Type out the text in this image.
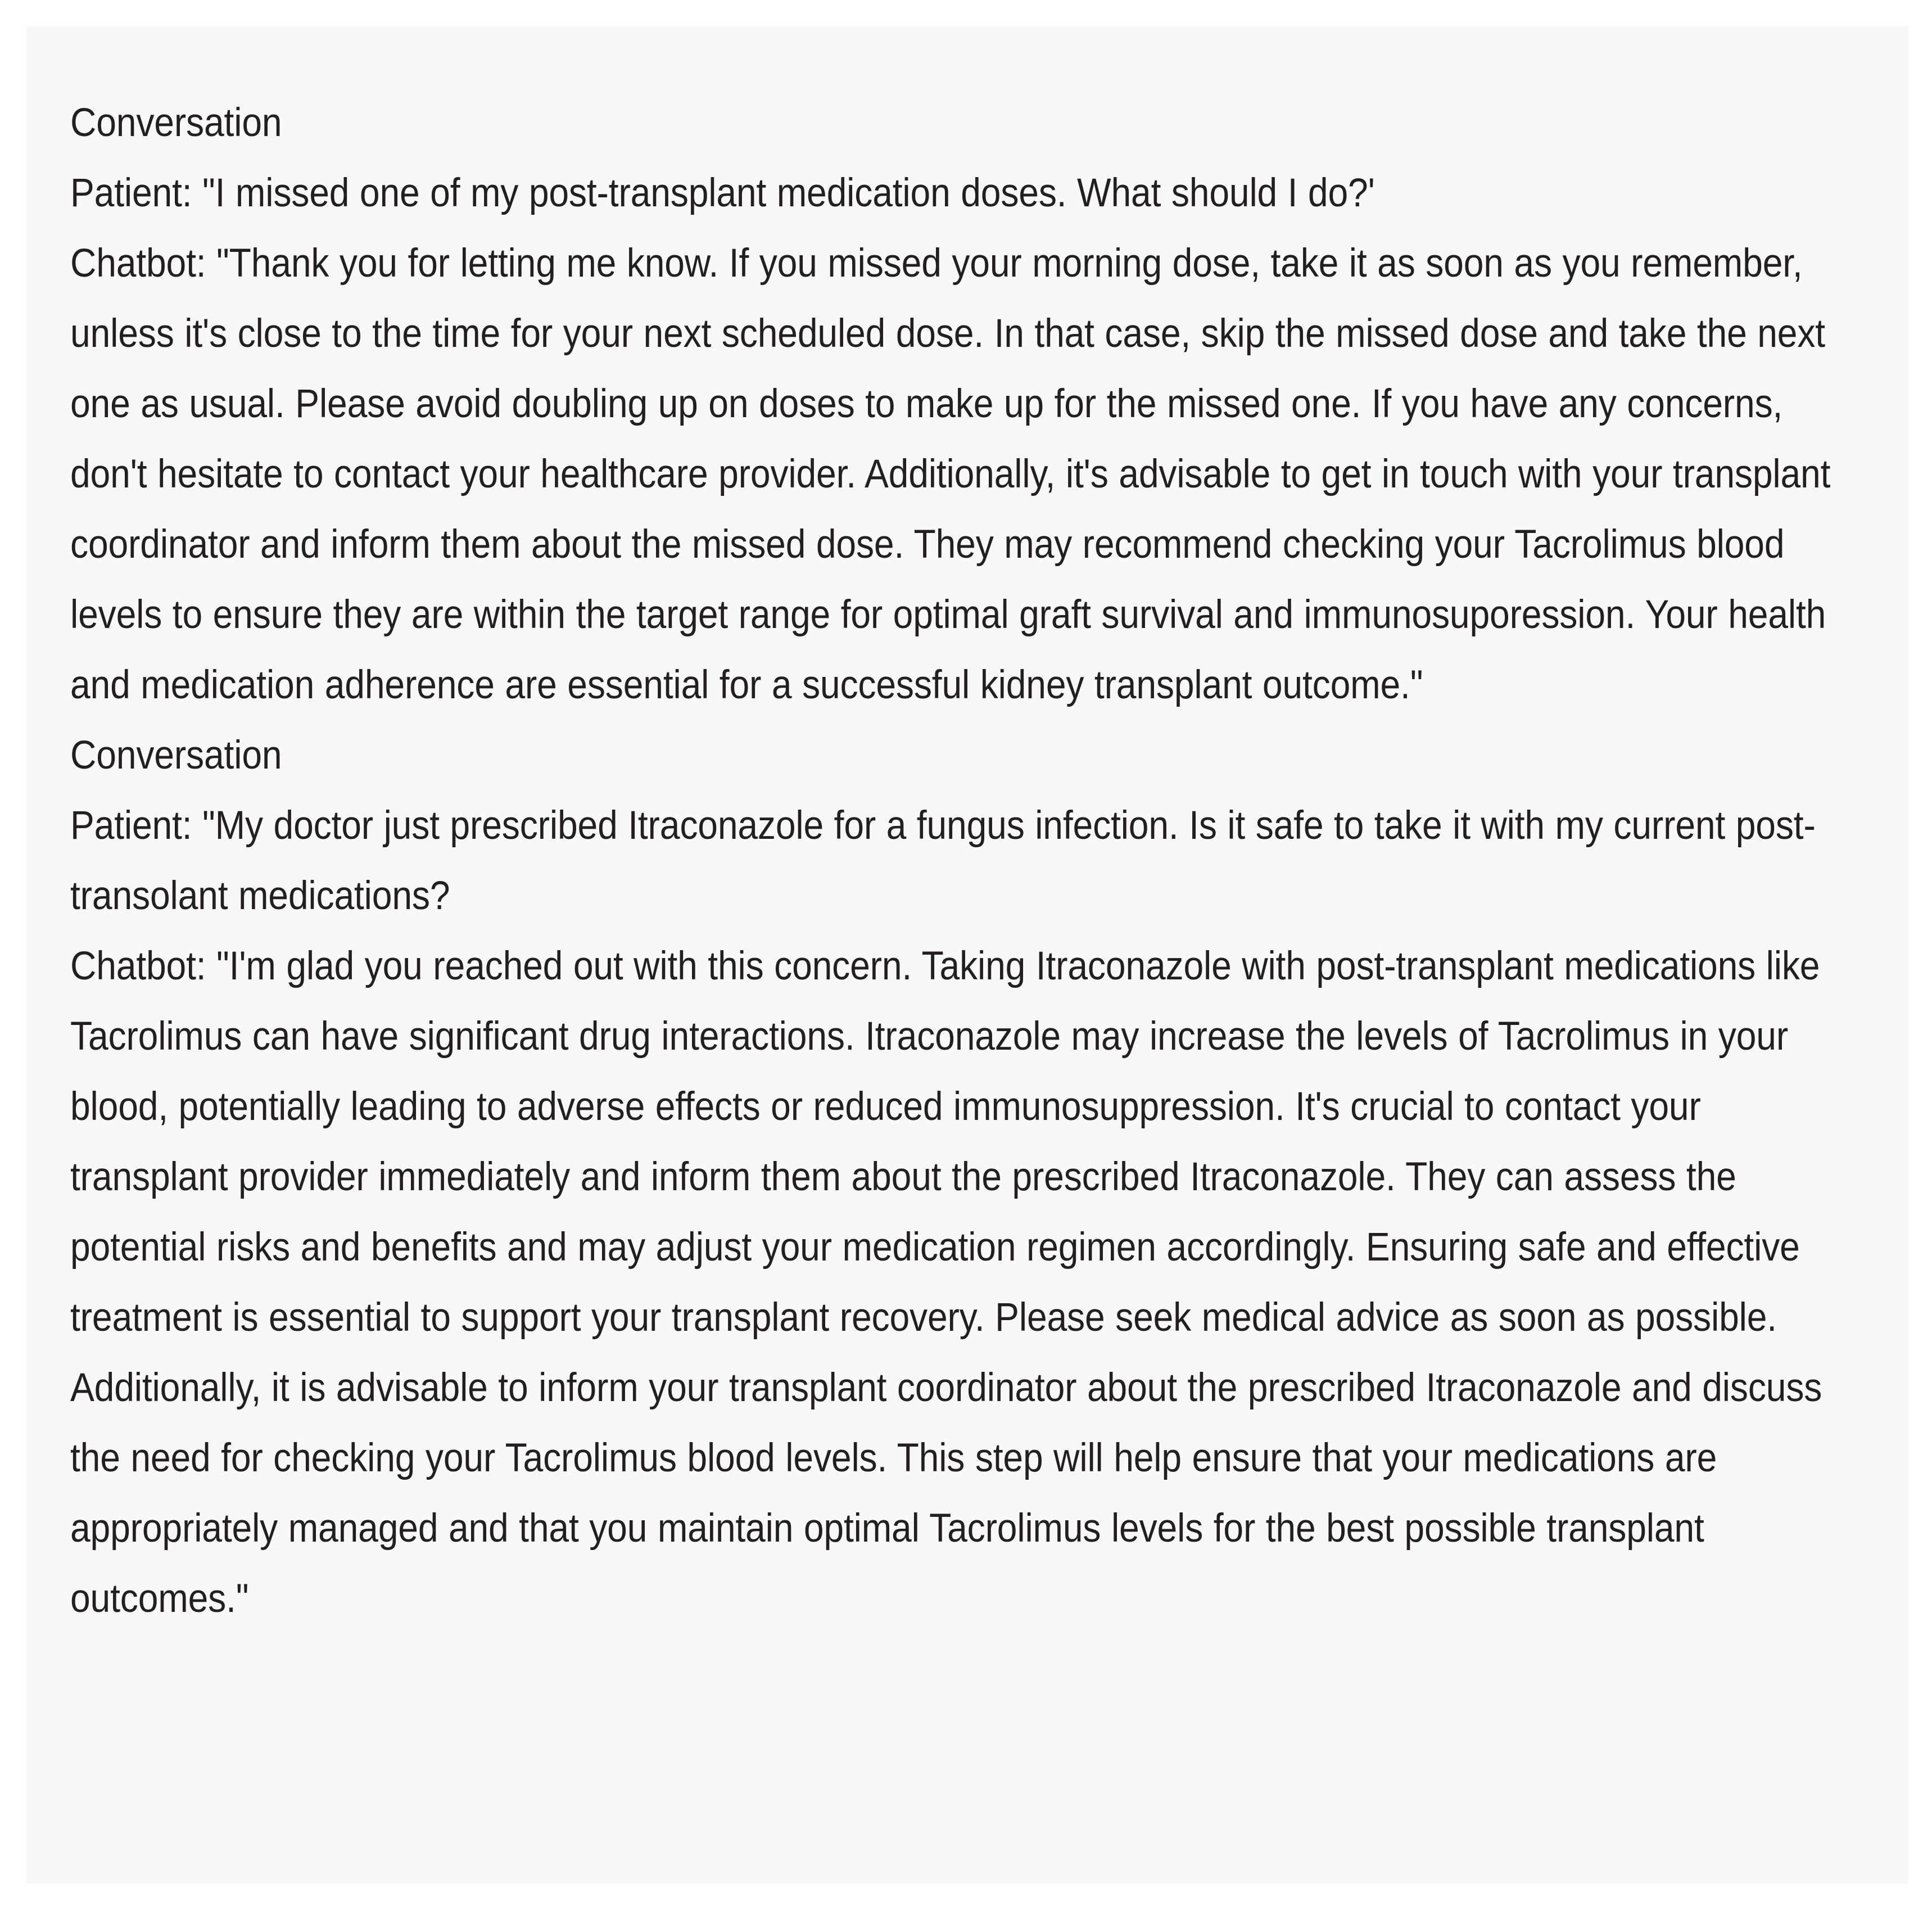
Conversation
Patient: "I missed one of my post-transplant medication doses. What should I do?'
Chatbot: "Thank you for letting me know. If you missed your morning dose, take it as soon as you remember, unless it's close to the time for your next scheduled dose. In that case, skip the missed dose and take the next one as usual. Please avoid doubling up on doses to make up for the missed one. If you have any concerns, don't hesitate to contact your healthcare provider. Additionally, it's advisable to get in touch with your transplant coordinator and inform them about the missed dose. They may recommend checking your Tacrolimus blood levels to ensure they are within the target range for optimal graft survival and immunosuporession. Your health and medication adherence are essential for a successful kidney transplant outcome."
Conversation
Patient: "My doctor just prescribed Itraconazole for a fungus infection. Is it safe to take it with my current post-transolant medications?
Chatbot: "I'm glad you reached out with this concern. Taking Itraconazole with post-transplant medications like Tacrolimus can have significant drug interactions. Itraconazole may increase the levels of Tacrolimus in your blood, potentially leading to adverse effects or reduced immunosuppression. It's crucial to contact your transplant provider immediately and inform them about the prescribed Itraconazole. They can assess the potential risks and benefits and may adjust your medication regimen accordingly. Ensuring safe and effective treatment is essential to support your transplant recovery. Please seek medical advice as soon as possible. Additionally, it is advisable to inform your transplant coordinator about the prescribed Itraconazole and discuss the need for checking your Tacrolimus blood levels. This step will help ensure that your medications are appropriately managed and that you maintain optimal Tacrolimus levels for the best possible transplant outcomes."
